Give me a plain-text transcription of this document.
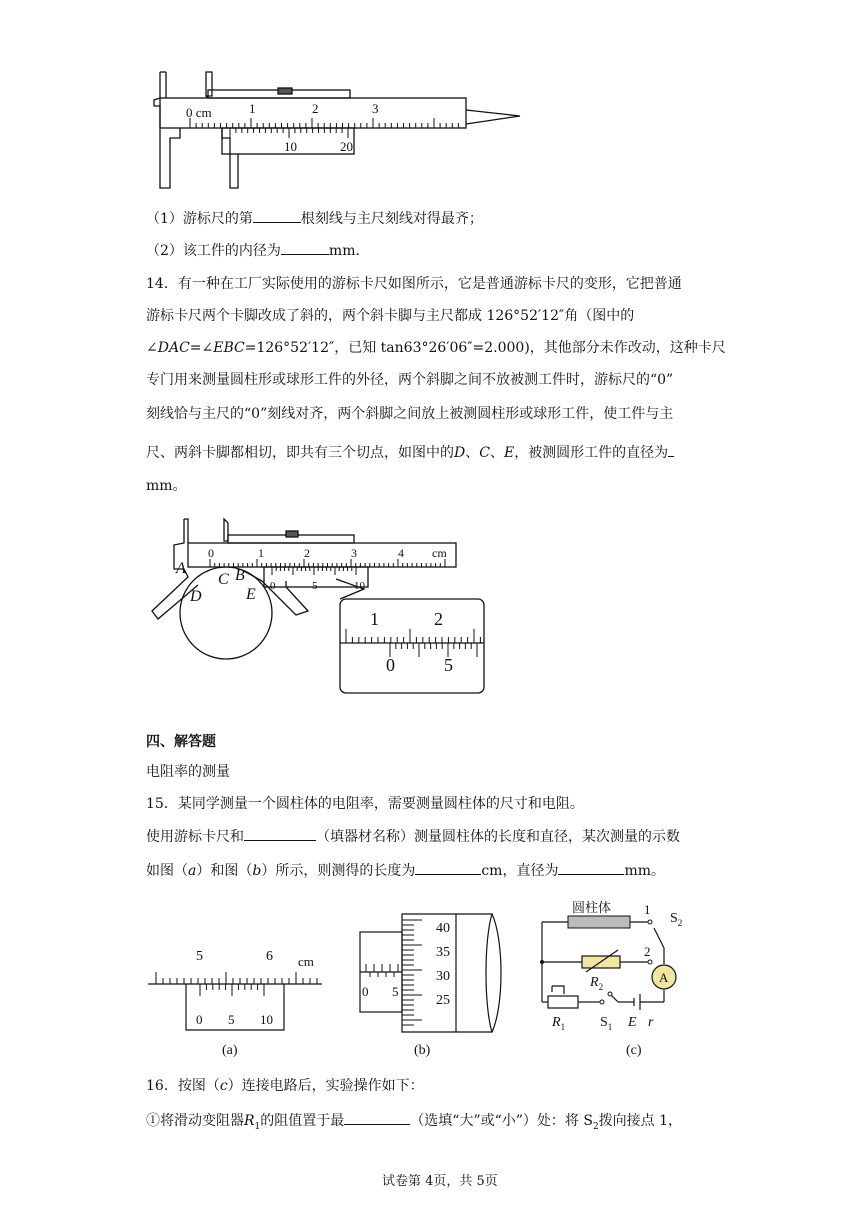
0 cm	1	2	3
10	20
（1）游标尺的第	根刻线与主尺刻线对得最齐；
（2）该工件的内径为	mm．
14．有一种在工厂实际使用的游标卡尺如图所示，它是普通游标卡尺的变形，它把普通
游标卡尺两个卡脚改成了斜的，两个斜卡脚与主尺都成 126°52′12″角（图中的
∠DAC=∠EBC=126°52′12″，已知 tan63°26′06″=2.000)，其他部分未作改动，这种卡尺
专门用来测量圆柱形或球形工件的外径，两个斜脚之间不放被测工件时，游标尺的“0”
刻线恰与主尺的“0”刻线对齐，两个斜脚之间放上被测圆柱形或球形工件，使工件与主
尺、两斜卡脚都相切，即共有三个切点，如图中的D、C、E，被测圆形工件的直径为
mm。
0	1	2	3	4 cm
0	5	10
A
C B
D	E
1	2
0	5
四、解答题
电阻率的测量
15．某同学测量一个圆柱体的电阻率，需要测量圆柱体的尺寸和电阻。
使用游标卡尺和	（填器材名称）测量圆柱体的长度和直径，某次测量的示数
如图（a）和图（b）所示，则测得的长度为	cm，直径为	mm。
5	6 cm
0 5 10
(a)
40
35
30
25
0 5
(b)
圆柱体	1
2
$S_2$
$R_2$
$R_1$ $S_1$ E r
A
(c)
16．按图（c）连接电路后，实验操作如下：
①将滑动变阻器$R_1$的阻值置于最	（选填“大”或“小”）处：将 $S_2$拨向接点 1，
试卷第 4页，共 5页
